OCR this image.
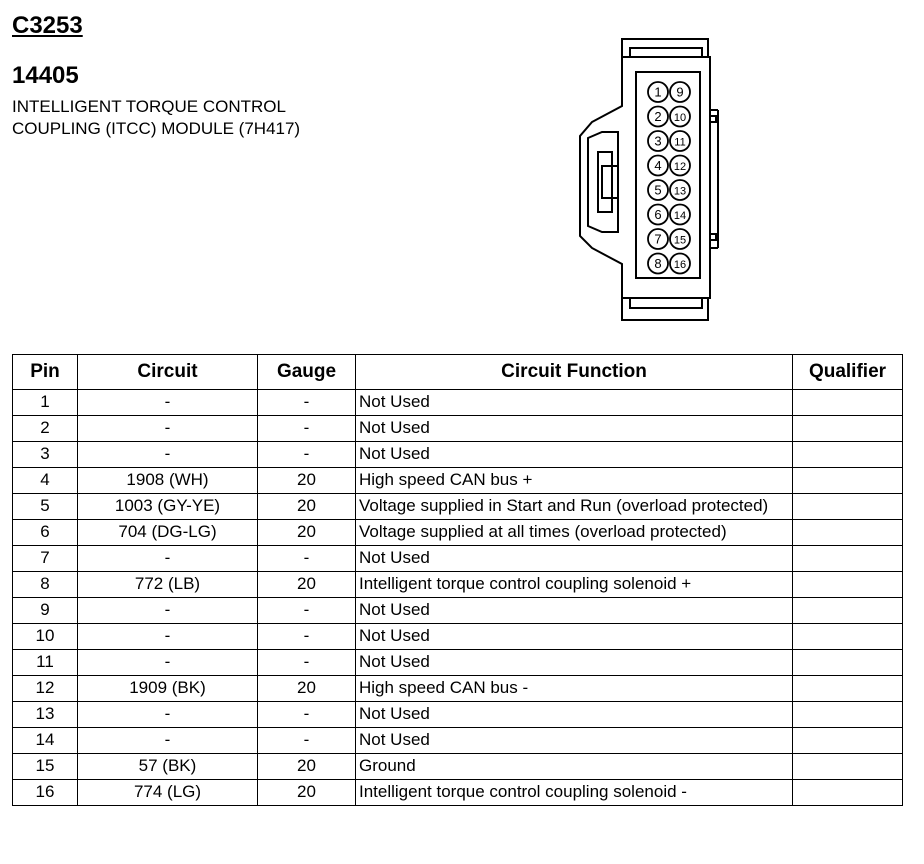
C3253
14405
INTELLIGENT TORQUE CONTROL
COUPLING (ITCC) MODULE (7H417)
1
2
3
4
5
6
7
8
9
10
11
12
13
14
15
16
Pin	Circuit	Gauge	Circuit Function	Qualifier
1	-	-	Not Used	
2	-	-	Not Used	
3	-	-	Not Used	
4	1908 (WH)	20	High speed CAN bus +	
5	1003 (GY-YE)	20	Voltage supplied in Start and Run (overload protected)	
6	704 (DG-LG)	20	Voltage supplied at all times (overload protected)	
7	-	-	Not Used	
8	772 (LB)	20	Intelligent torque control coupling solenoid +	
9	-	-	Not Used	
10	-	-	Not Used	
11	-	-	Not Used	
12	1909 (BK)	20	High speed CAN bus -	
13	-	-	Not Used	
14	-	-	Not Used	
15	57 (BK)	20	Ground	
16	774 (LG)	20	Intelligent torque control coupling solenoid -	
